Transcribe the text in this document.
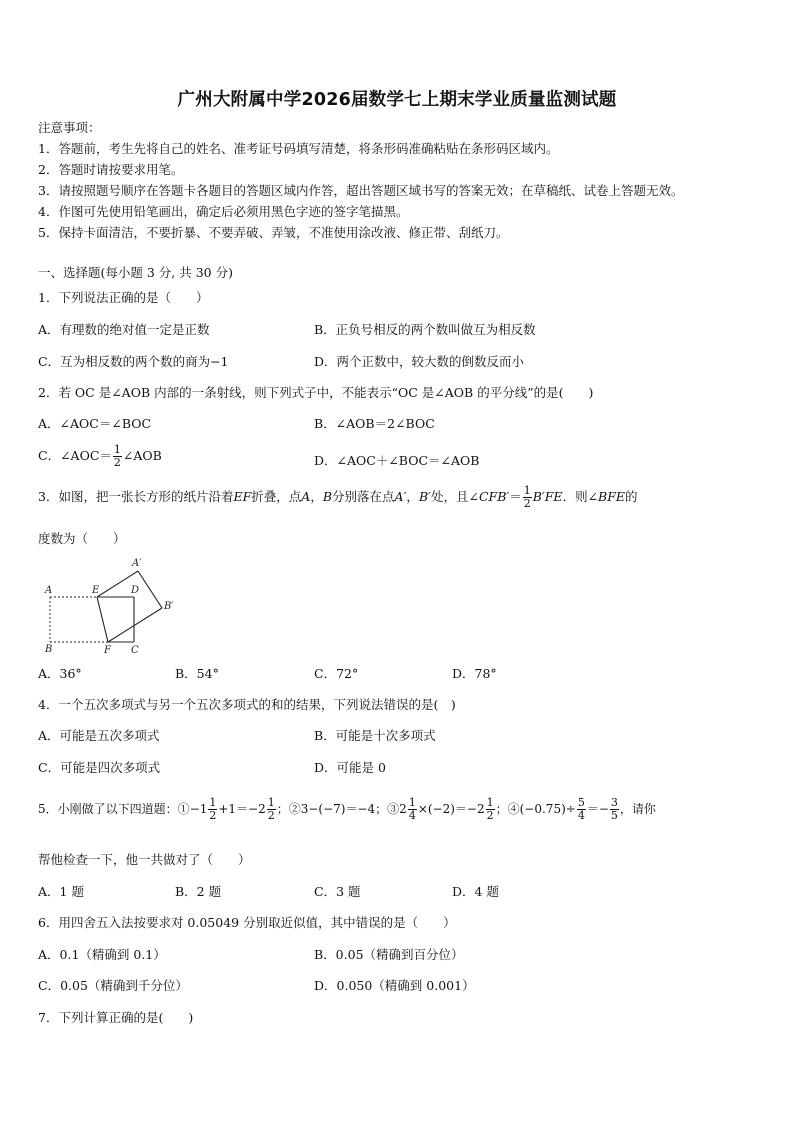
广州大附属中学2026届数学七上期末学业质量监测试题
注意事项：
1．答题前，考生先将自己的姓名、准考证号码填写清楚，将条形码准确粘贴在条形码区域内。
2．答题时请按要求用笔。
3．请按照题号顺序在答题卡各题目的答题区域内作答，超出答题区域书写的答案无效；在草稿纸、试卷上答题无效。
4．作图可先使用铅笔画出，确定后必须用黑色字迹的签字笔描黑。
5．保持卡面清洁，不要折暴、不要弄破、弄皱，不准使用涂改液、修正带、刮纸刀。
一、选择题(每小题 3 分, 共 30 分)
1．下列说法正确的是（　　）
A．有理数的绝对值一定是正数	B．正负号相反的两个数叫做互为相反数
C．互为相反数的两个数的商为−1	D．两个正数中，较大数的倒数反而小
2．若 OC 是∠AOB 内部的一条射线，则下列式子中，不能表示“OC 是∠AOB 的平分线”的是(　　)
A．∠AOC＝∠BOC	B．∠AOB＝2∠BOC
C．∠AOC＝ $\frac{1}{2}$ ∠AOB	D．∠AOC＋∠BOC＝∠AOB
3．如图，把一张长方形的纸片沿着EF折叠，点A，B分别落在点A′，B′处，且∠CFB′＝ $\frac{1}{2} B'FE$．则∠BFE的
度数为（　　）
A	E	D
A′
B′
B	F C
A．36°	B．54°	C．72°	D．78°
4．一个五次多项式与另一个五次多项式的和的结果，下列说法错误的是(　)
A．可能是五次多项式	B．可能是十次多项式
C．可能是四次多项式	D．可能是 0
5．小刚做了以下四道题：①−1 $\frac{1}{2} +1=-2 \frac{1}{2}$ ；②3−(−7)＝−4；③2 $\frac{1}{4} \times(-2)=-2 \frac{1}{2}$ ；④(−0.75)÷ $\frac{5}{4} =- \frac{3}{5}$ ，请你
帮他检查一下，他一共做对了（　　）
A．1 题	B．2 题	C．3 题	D．4 题
6．用四舍五入法按要求对 0.05049 分别取近似值，其中错误的是（　　）
A．0.1（精确到 0.1）	B．0.05（精确到百分位）
C．0.05（精确到千分位）	D．0.050（精确到 0.001）
7．下列计算正确的是(　　)
